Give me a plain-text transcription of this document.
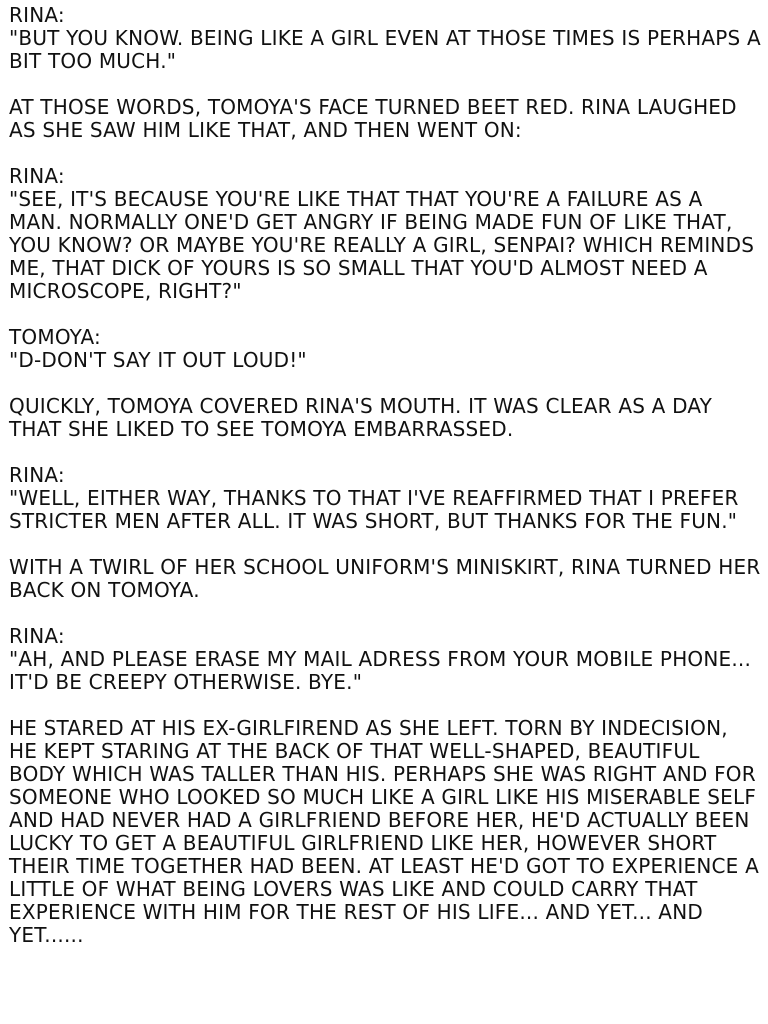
RINA:
"BUT YOU KNOW. BEING LIKE A GIRL EVEN AT THOSE TIMES IS PERHAPS A BIT TOO MUCH."
AT THOSE WORDS, TOMOYA'S FACE TURNED BEET RED. RINA LAUGHED AS SHE SAW HIM LIKE THAT, AND THEN WENT ON:
RINA:
"SEE, IT'S BECAUSE YOU'RE LIKE THAT THAT YOU'RE A FAILURE AS A MAN. NORMALLY ONE'D GET ANGRY IF BEING MADE FUN OF LIKE THAT, YOU KNOW? OR MAYBE YOU'RE REALLY A GIRL, SENPAI? WHICH REMINDS ME, THAT DICK OF YOURS IS SO SMALL THAT YOU'D ALMOST NEED A MICROSCOPE, RIGHT?"
TOMOYA:
"D-DON'T SAY IT OUT LOUD!"
QUICKLY, TOMOYA COVERED RINA'S MOUTH. IT WAS CLEAR AS A DAY THAT SHE LIKED TO SEE TOMOYA EMBARRASSED.
RINA:
"WELL, EITHER WAY, THANKS TO THAT I'VE REAFFIRMED THAT I PREFER STRICTER MEN AFTER ALL. IT WAS SHORT, BUT THANKS FOR THE FUN."
WITH A TWIRL OF HER SCHOOL UNIFORM'S MINISKIRT, RINA TURNED HER BACK ON TOMOYA.
RINA:
"AH, AND PLEASE ERASE MY MAIL ADRESS FROM YOUR MOBILE PHONE... IT'D BE CREEPY OTHERWISE. BYE."
HE STARED AT HIS EX-GIRLFIREND AS SHE LEFT. TORN BY INDECISION, HE KEPT STARING AT THE BACK OF THAT WELL-SHAPED, BEAUTIFUL BODY WHICH WAS TALLER THAN HIS. PERHAPS SHE WAS RIGHT AND FOR SOMEONE WHO LOOKED SO MUCH LIKE A GIRL LIKE HIS MISERABLE SELF AND HAD NEVER HAD A GIRLFRIEND BEFORE HER, HE'D ACTUALLY BEEN LUCKY TO GET A BEAUTIFUL GIRLFRIEND LIKE HER, HOWEVER SHORT THEIR TIME TOGETHER HAD BEEN. AT LEAST HE'D GOT TO EXPERIENCE A LITTLE OF WHAT BEING LOVERS WAS LIKE AND COULD CARRY THAT EXPERIENCE WITH HIM FOR THE REST OF HIS LIFE... AND YET... AND YET......
